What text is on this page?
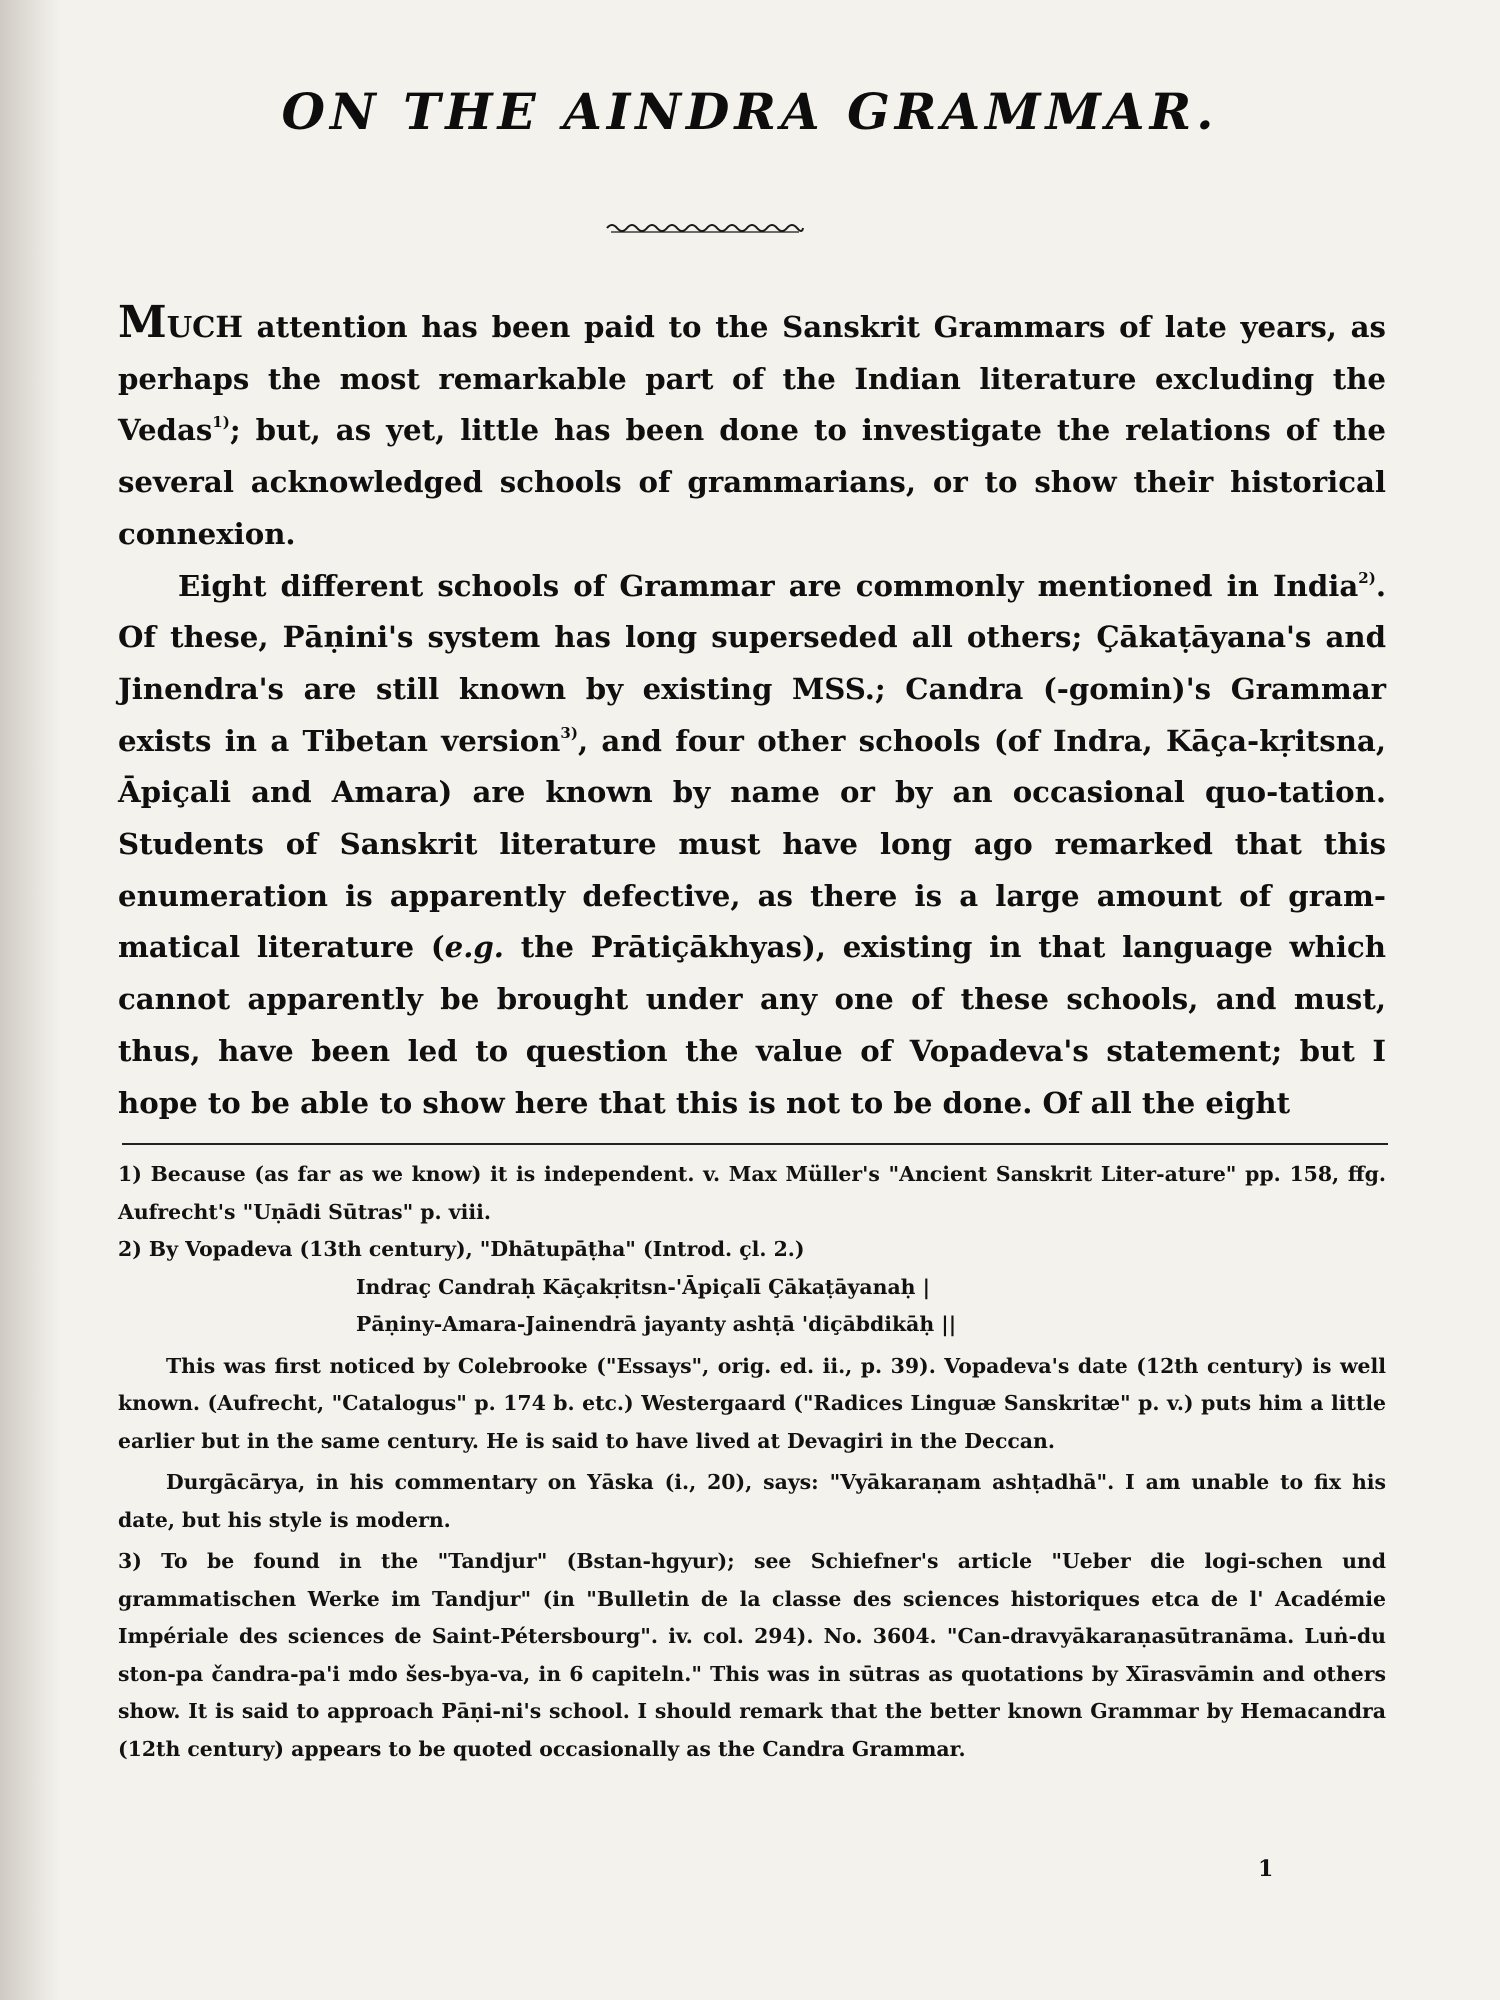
ON THE AINDRA GRAMMAR.

MUCH attention has been paid to the Sanskrit Grammars of late years, as perhaps the most remarkable part of the Indian literature excluding the Vedas$^{1)}$; but, as yet, little has been done to investigate the relations of the several acknowledged schools of grammarians, or to show their historical connexion.

Eight different schools of Grammar are commonly mentioned in India$^{2)}$. Of these, Pāṇini's system has long superseded all others; Çākaṭāyana's and Jinendra's are still known by existing MSS.; Candra (-gomin)'s Grammar exists in a Tibetan version$^{3)}$, and four other schools (of Indra, Kāça-kṛitsna, Āpiçali and Amara) are known by name or by an occasional quo-tation. Students of Sanskrit literature must have long ago remarked that this enumeration is apparently defective, as there is a large amount of gram-matical literature (e.g. the Prātiçākhyas), existing in that language which cannot apparently be brought under any one of these schools, and must, thus, have been led to question the value of Vopadeva's statement; but I hope to be able to show here that this is not to be done. Of all the eight

1) Because (as far as we know) it is independent. v. Max Müller's "Ancient Sanskrit Liter-ature" pp. 158, ffg. Aufrecht's "Uṇādi Sūtras" p. viii.

2) By Vopadeva (13th century), "Dhātupāṭha" (Introd. çl. 2.)

Indraç Candraḥ Kāçakṛitsn-'Āpiçalī Çākaṭāyanaḥ |

Pāṇiny-Amara-Jainendrā jayanty ashṭā 'diçābdikāḥ ||

This was first noticed by Colebrooke ("Essays", orig. ed. ii., p. 39). Vopadeva's date (12th century) is well known. (Aufrecht, "Catalogus" p. 174 b. etc.) Westergaard ("Radices Linguæ Sanskritæ" p. v.) puts him a little earlier but in the same century. He is said to have lived at Devagiri in the Deccan.

Durgācārya, in his commentary on Yāska (i., 20), says: "Vyākaraṇam ashṭadhā". I am unable to fix his date, but his style is modern.

3) To be found in the "Tandjur" (Bstan-hgyur); see Schiefner's article "Ueber die logi-schen und grammatischen Werke im Tandjur" (in "Bulletin de la classe des sciences historiques etca de l' Académie Impériale des sciences de Saint-Pétersbourg". iv. col. 294). No. 3604. "Can-dravyākaraṇasūtranāma. Luṅ-du ston-pa čandra-pa'i mdo šes-bya-va, in 6 capiteln." This was in sūtras as quotations by Xīrasvāmin and others show. It is said to approach Pāṇi-ni's school. I should remark that the better known Grammar by Hemacandra (12th century) appears to be quoted occasionally as the Candra Grammar.

1
